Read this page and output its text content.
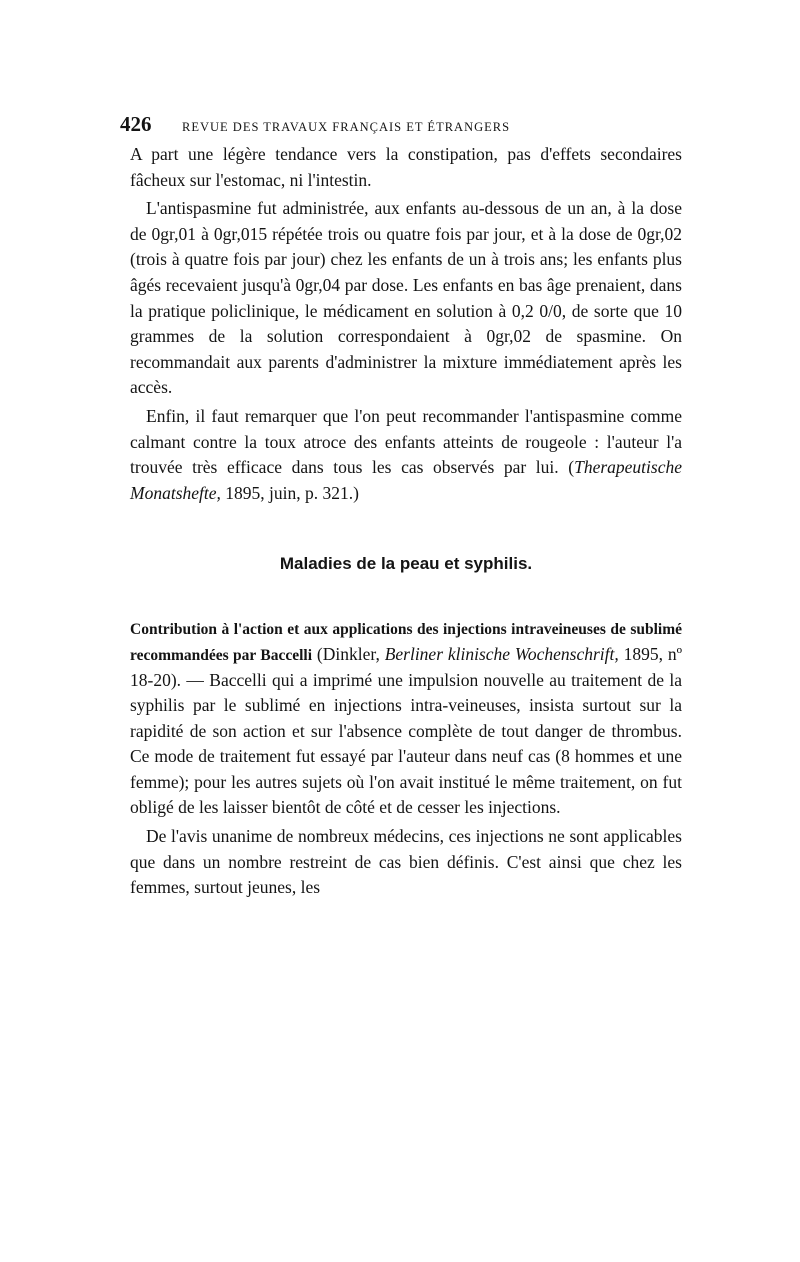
426	REVUE DES TRAVAUX FRANÇAIS ET ÉTRANGERS

A part une légère tendance vers la constipation, pas d'effets secondaires fâcheux sur l'estomac, ni l'intestin.

L'antispasmine fut administrée, aux enfants au-dessous de un an, à la dose de 0gr,01 à 0gr,015 répétée trois ou quatre fois par jour, et à la dose de 0gr,02 (trois à quatre fois par jour) chez les enfants de un à trois ans; les enfants plus âgés recevaient jusqu'à 0gr,04 par dose. Les enfants en bas âge prenaient, dans la pratique policlinique, le médicament en solution à 0,2 0/0, de sorte que 10 grammes de la solution correspondaient à 0gr,02 de spasmine. On recommandait aux parents d'administrer la mixture immédiatement après les accès.

Enfin, il faut remarquer que l'on peut recommander l'antispasmine comme calmant contre la toux atroce des enfants atteints de rougeole : l'auteur l'a trouvée très efficace dans tous les cas observés par lui. (Therapeutische Monatshefte, 1895, juin, p. 321.)

Maladies de la peau et syphilis.

Contribution à l'action et aux applications des injections intraveineuses de sublimé recommandées par Baccelli (Dinkler, Berliner klinische Wochenschrift, 1895, nº 18-20). — Baccelli qui a imprimé une impulsion nouvelle au traitement de la syphilis par le sublimé en injections intra-veineuses, insista surtout sur la rapidité de son action et sur l'absence complète de tout danger de thrombus. Ce mode de traitement fut essayé par l'auteur dans neuf cas (8 hommes et une femme); pour les autres sujets où l'on avait institué le même traitement, on fut obligé de les laisser bientôt de côté et de cesser les injections.

De l'avis unanime de nombreux médecins, ces injections ne sont applicables que dans un nombre restreint de cas bien définis. C'est ainsi que chez les femmes, surtout jeunes, les
